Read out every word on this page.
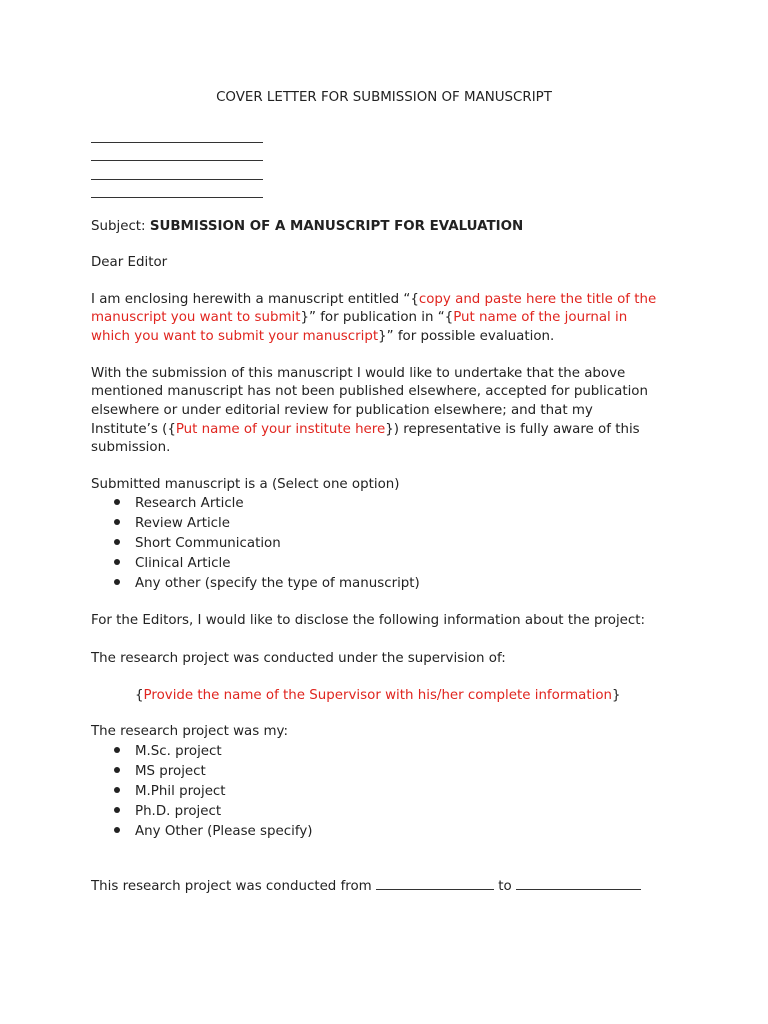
COVER LETTER FOR SUBMISSION OF MANUSCRIPT
Subject: SUBMISSION OF A MANUSCRIPT FOR EVALUATION
Dear Editor
I am enclosing herewith a manuscript entitled “{copy and paste here the title of the
manuscript you want to submit}” for publication in “{Put name of the journal in
which you want to submit your manuscript}” for possible evaluation.
With the submission of this manuscript I would like to undertake that the above
mentioned manuscript has not been published elsewhere, accepted for publication
elsewhere or under editorial review for publication elsewhere; and that my
Institute’s ({Put name of your institute here}) representative is fully aware of this
submission.
Submitted manuscript is a (Select one option)
Research Article
Review Article
Short Communication
Clinical Article
Any other (specify the type of manuscript)
For the Editors, I would like to disclose the following information about the project:
The research project was conducted under the supervision of:
{Provide the name of the Supervisor with his/her complete information}
The research project was my:
M.Sc. project
MS project
M.Phil project
Ph.D. project
Any Other (Please specify)
This research project was conducted from	to
